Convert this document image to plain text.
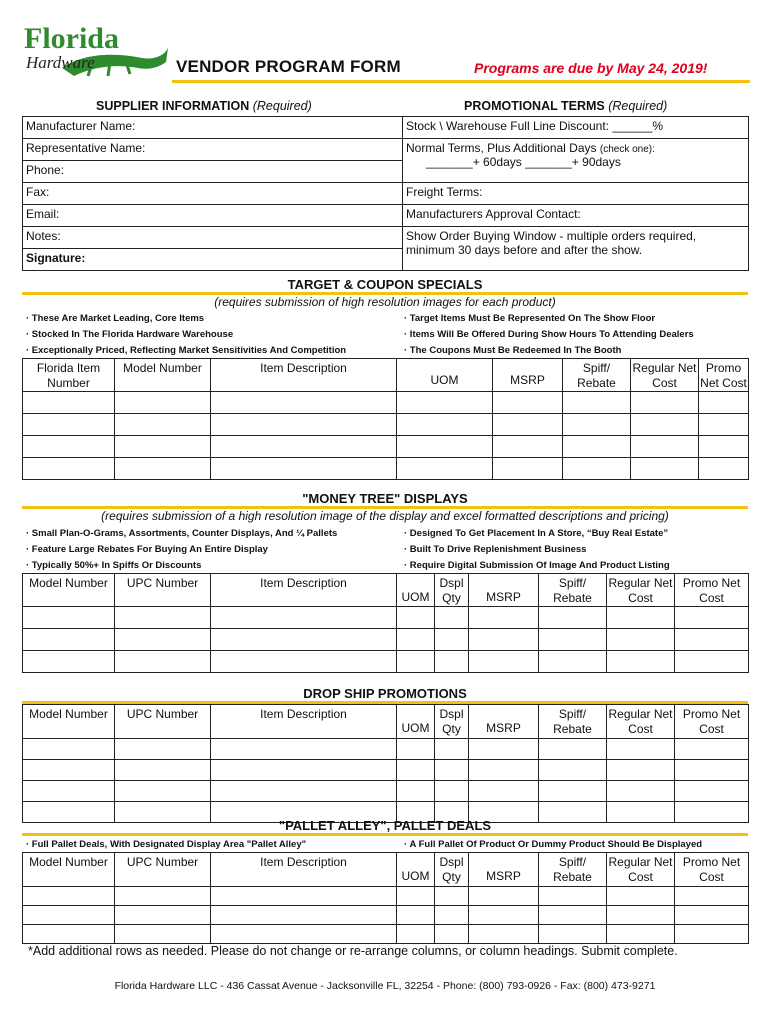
Florida
Hardware	VENDOR PROGRAM FORM	Programs are due by May 24, 2019!
SUPPLIER INFORMATION (Required)	PROMOTIONAL TERMS (Required)
Manufacturer Name:	Stock \ Warehouse Full Line Discount: ______%
Representative Name:	Normal Terms, Plus Additional Days (check one):
_______+ 60days _______+ 90days
Phone:	
Fax:	Freight Terms:
Email:	Manufacturers Approval Contact:
Notes:	Show Order Buying Window - multiple orders required,
minimum 30 days before and after the show.
Signature:	
TARGET & COUPON SPECIALS
(requires submission of high resolution images for each product)
· These Are Market Leading, Core Items
· Stocked In The Florida Hardware Warehouse
· Exceptionally Priced, Reflecting Market Sensitivities And Competition
· Target Items Must Be Represented On The Show Floor
· Items Will Be Offered During Show Hours To Attending Dealers
· The Coupons Must Be Redeemed In The Booth
Florida Item Number	Model Number	Item Description	UOM	MSRP	Spiff/ Rebate	Regular Net Cost	Promo Net Cost

"MONEY TREE" DISPLAYS
(requires submission of a high resolution image of the display and excel formatted descriptions and pricing)
· Small Plan-O-Grams, Assortments, Counter Displays, And ¼ Pallets
· Feature Large Rebates For Buying An Entire Display
· Typically 50%+ In Spiffs Or Discounts
· Designed To Get Placement In A Store, “Buy Real Estate”
· Built To Drive Replenishment Business
· Require Digital Submission Of Image And Product Listing
Model Number	UPC Number	Item Description	UOM	Dspl Qty	MSRP	Spiff/ Rebate	Regular Net Cost	Promo Net Cost

DROP SHIP PROMOTIONS
Model Number	UPC Number	Item Description	UOM	Dspl Qty	MSRP	Spiff/ Rebate	Regular Net Cost	Promo Net Cost

"PALLET ALLEY", PALLET DEALS
· Full Pallet Deals, With Designated Display Area "Pallet Alley"	· A Full Pallet Of Product Or Dummy Product Should Be Displayed
Model Number	UPC Number	Item Description	UOM	Dspl Qty	MSRP	Spiff/ Rebate	Regular Net Cost	Promo Net Cost

*Add additional rows as needed. Please do not change or re-arrange columns, or column headings. Submit complete.
Florida Hardware LLC - 436 Cassat Avenue - Jacksonville FL, 32254 - Phone: (800) 793-0926 - Fax: (800) 473-9271
